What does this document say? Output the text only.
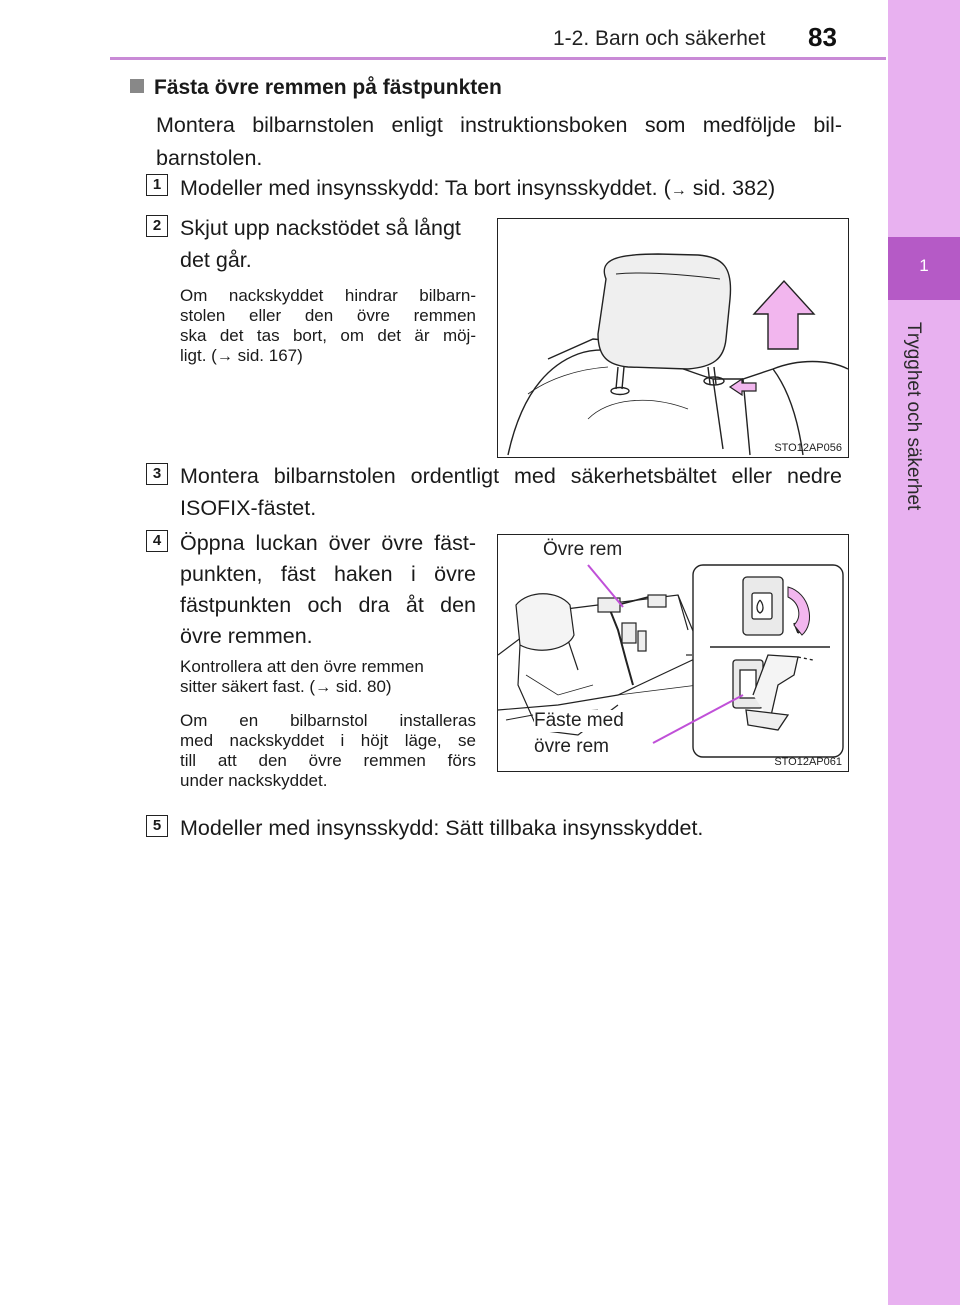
1-2. Barn och säkerhet 83
1
Trygghet och säkerhet
Fästa övre remmen på fästpunkten
Montera bilbarnstolen enligt instruktionsboken som medföljde bil-
barnstolen.
1 Modeller med insynsskydd: Ta bort insynsskyddet. (→ sid. 382)
2 Skjut upp nackstödet så långt
det går.
Om nackskyddet hindrar bilbarn-
stolen eller den övre remmen
ska det tas bort, om det är möj-
ligt. (→ sid. 167)
STO12AP056
3 Montera bilbarnstolen ordentligt med säkerhetsbältet eller nedre
ISOFIX-fästet.
4 Öppna luckan över övre fäst-
punkten, fäst haken i övre
fästpunkten och dra åt den
övre remmen.
Kontrollera att den övre remmen
sitter säkert fast. (→ sid. 80)
Om en bilbarnstol installeras
med nackskyddet i höjt läge, se
till att den övre remmen förs
under nackskyddet.
Övre rem
Fäste med
övre rem
STO12AP061
5 Modeller med insynsskydd: Sätt tillbaka insynsskyddet.
